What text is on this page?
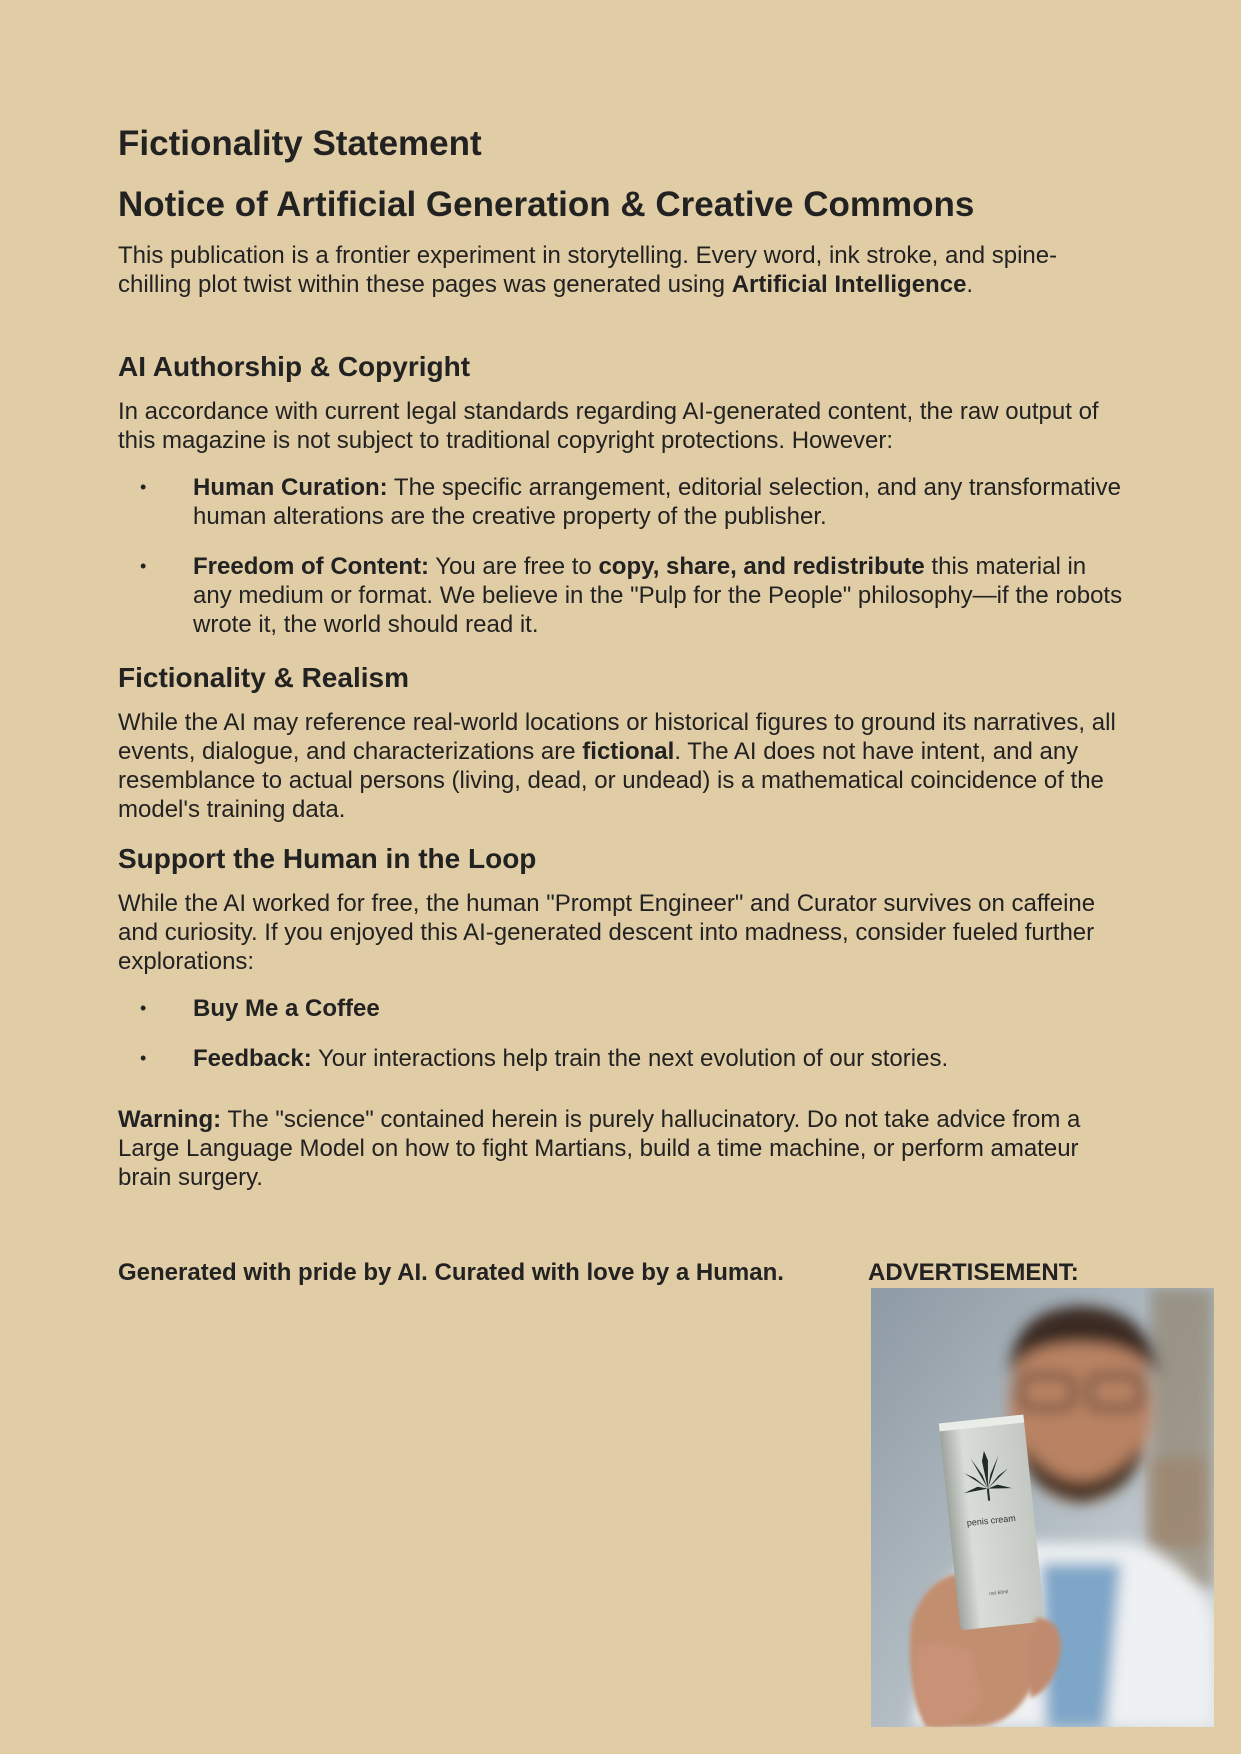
Fictionality Statement
Notice of Artificial Generation & Creative Commons

This publication is a frontier experiment in storytelling. Every word, ink stroke, and spine-chilling plot twist within these pages was generated using Artificial Intelligence.

AI Authorship & Copyright

In accordance with current legal standards regarding AI-generated content, the raw output of this magazine is not subject to traditional copyright protections. However:

• Human Curation: The specific arrangement, editorial selection, and any transformative human alterations are the creative property of the publisher.
• Freedom of Content: You are free to copy, share, and redistribute this material in any medium or format. We believe in the "Pulp for the People" philosophy—if the robots wrote it, the world should read it.
Fictionality & Realism

While the AI may reference real-world locations or historical figures to ground its narratives, all events, dialogue, and characterizations are fictional. The AI does not have intent, and any resemblance to actual persons (living, dead, or undead) is a mathematical coincidence of the model's training data.

Support the Human in the Loop

While the AI worked for free, the human "Prompt Engineer" and Curator survives on caffeine and curiosity. If you enjoyed this AI-generated descent into madness, consider fueled further explorations:

• Buy Me a Coffee
• Feedback: Your interactions help train the next evolution of our stories.

Warning: The "science" contained herein is purely hallucinatory. Do not take advice from a Large Language Model on how to fight Martians, build a time machine, or perform amateur brain surgery.

Generated with pride by AI. Curated with love by a Human.	ADVERTISEMENT:
penis cream
net 60ml
